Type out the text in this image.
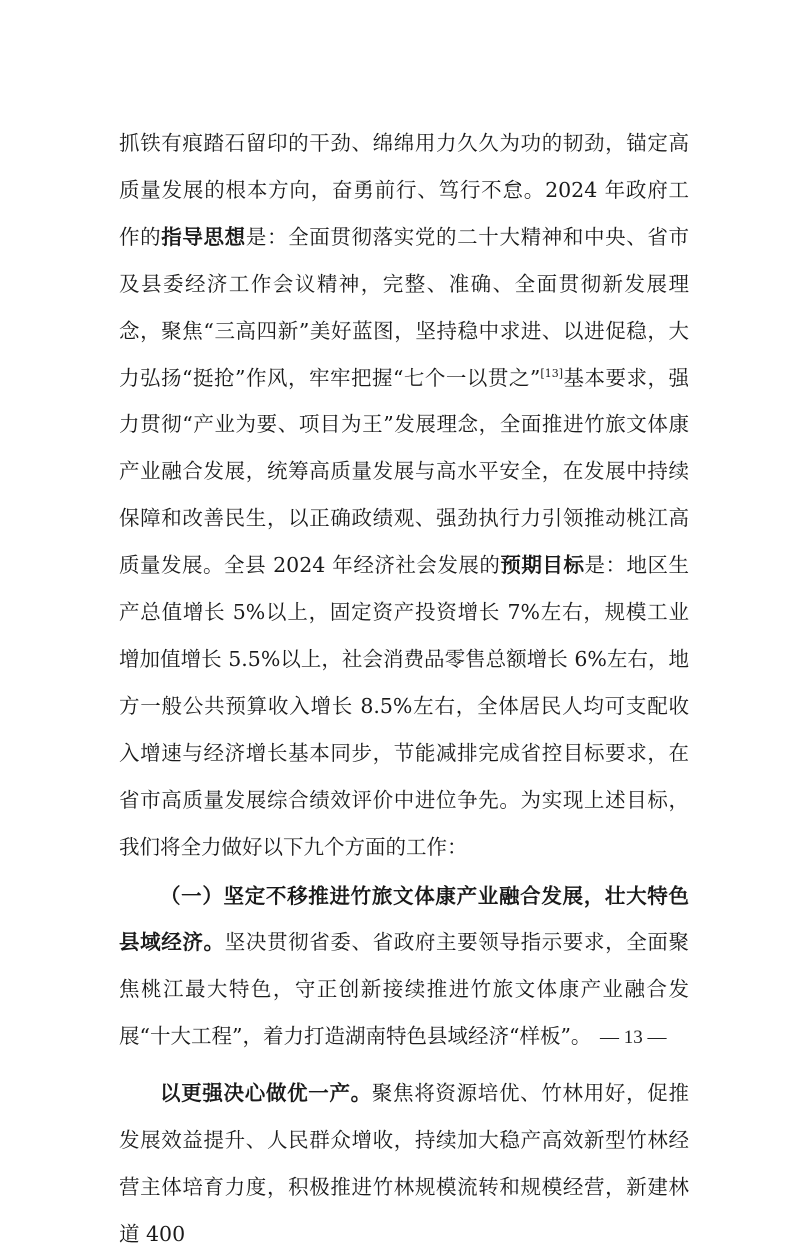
抓铁有痕踏石留印的干劲、绵绵用力久久为功的韧劲，锚定高质量发展的根本方向，奋勇前行、笃行不怠。2024 年政府工作的指导思想是：全面贯彻落实党的二十大精神和中央、省市及县委经济工作会议精神，完整、准确、全面贯彻新发展理念，聚焦“三高四新”美好蓝图，坚持稳中求进、以进促稳，大力弘扬“挺抢”作风，牢牢把握“七个一以贯之”[13]基本要求，强力贯彻“产业为要、项目为王”发展理念，全面推进竹旅文体康产业融合发展，统筹高质量发展与高水平安全，在发展中持续保障和改善民生，以正确政绩观、强劲执行力引领推动桃江高质量发展。全县 2024 年经济社会发展的预期目标是：地区生产总值增长 5%以上，固定资产投资增长 7%左右，规模工业增加值增长 5.5%以上，社会消费品零售总额增长 6%左右，地方一般公共预算收入增长 8.5%左右，全体居民人均可支配收入增速与经济增长基本同步，节能减排完成省控目标要求，在省市高质量发展综合绩效评价中进位争先。为实现上述目标，我们将全力做好以下九个方面的工作：

（一）坚定不移推进竹旅文体康产业融合发展，壮大特色县域经济。坚决贯彻省委、省政府主要领导指示要求，全面聚焦桃江最大特色，守正创新接续推进竹旅文体康产业融合发展“十大工程”，着力打造湖南特色县域经济“样板”。

以更强决心做优一产。聚焦将资源培优、竹林用好，促推发展效益提升、人民群众增收，持续加大稳产高效新型竹林经营主体培育力度，积极推进竹林规模流转和规模经营，新建林道 400

— 13 —
